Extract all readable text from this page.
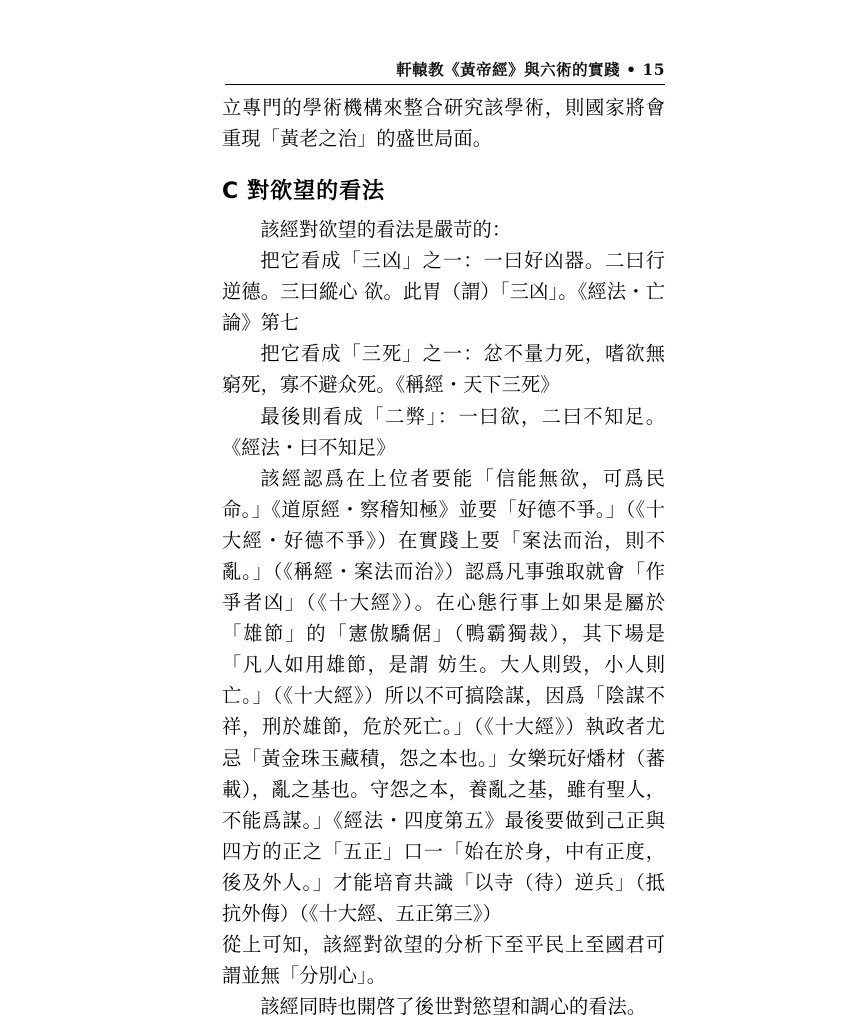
軒轅教《黃帝經》與六術的實踐 • 15

立專門的學術機構來整合研究該學術，則國家將會重現「黃老之治」的盛世局面。

C 對欲望的看法

該經對欲望的看法是嚴苛的：

把它看成「三凶」之一：一曰好凶器。二曰行逆德。三曰縱心 欲。此胃（謂）「三凶」。《經法・亡論》第七

把它看成「三死」之一：忿不量力死，嗜欲無窮死，寡不避众死。《稱經・天下三死》

最後則看成「二弊」：一曰欲，二曰不知足。《經法・曰不知足》

該經認爲在上位者要能「信能無欲，可爲民命。」《道原經・察稽知極》並要「好德不爭。」（《十大經・好德不爭》）在實踐上要「案法而治，則不亂。」（《稱經・案法而治》）認爲凡事強取就會「作爭者凶」（《十大經》）。在心態行事上如果是屬於「雄節」的「憲傲驕倨」（鴨霸獨裁），其下場是「凡人如用雄節，是謂 妨生。大人則毁，小人則亡。」（《十大經》）所以不可搞陰謀，因爲「陰謀不祥，刑於雄節，危於死亡。」（《十大經》）執政者尤忌「黃金珠玉藏積，怨之本也。」女樂玩好燔材（蕃載），亂之基也。守怨之本，養亂之基，雖有聖人，不能爲謀。」《經法・四度第五》最後要做到己正與四方的正之「五正」口一「始在於身，中有正度，後及外人。」才能培育共識「以寺（待）逆兵」（抵抗外侮）（《十大經、五正第三》）

從上可知，該經對欲望的分析下至平民上至國君可謂並無「分別心」。

該經同時也開啓了後世對慾望和調心的看法。
